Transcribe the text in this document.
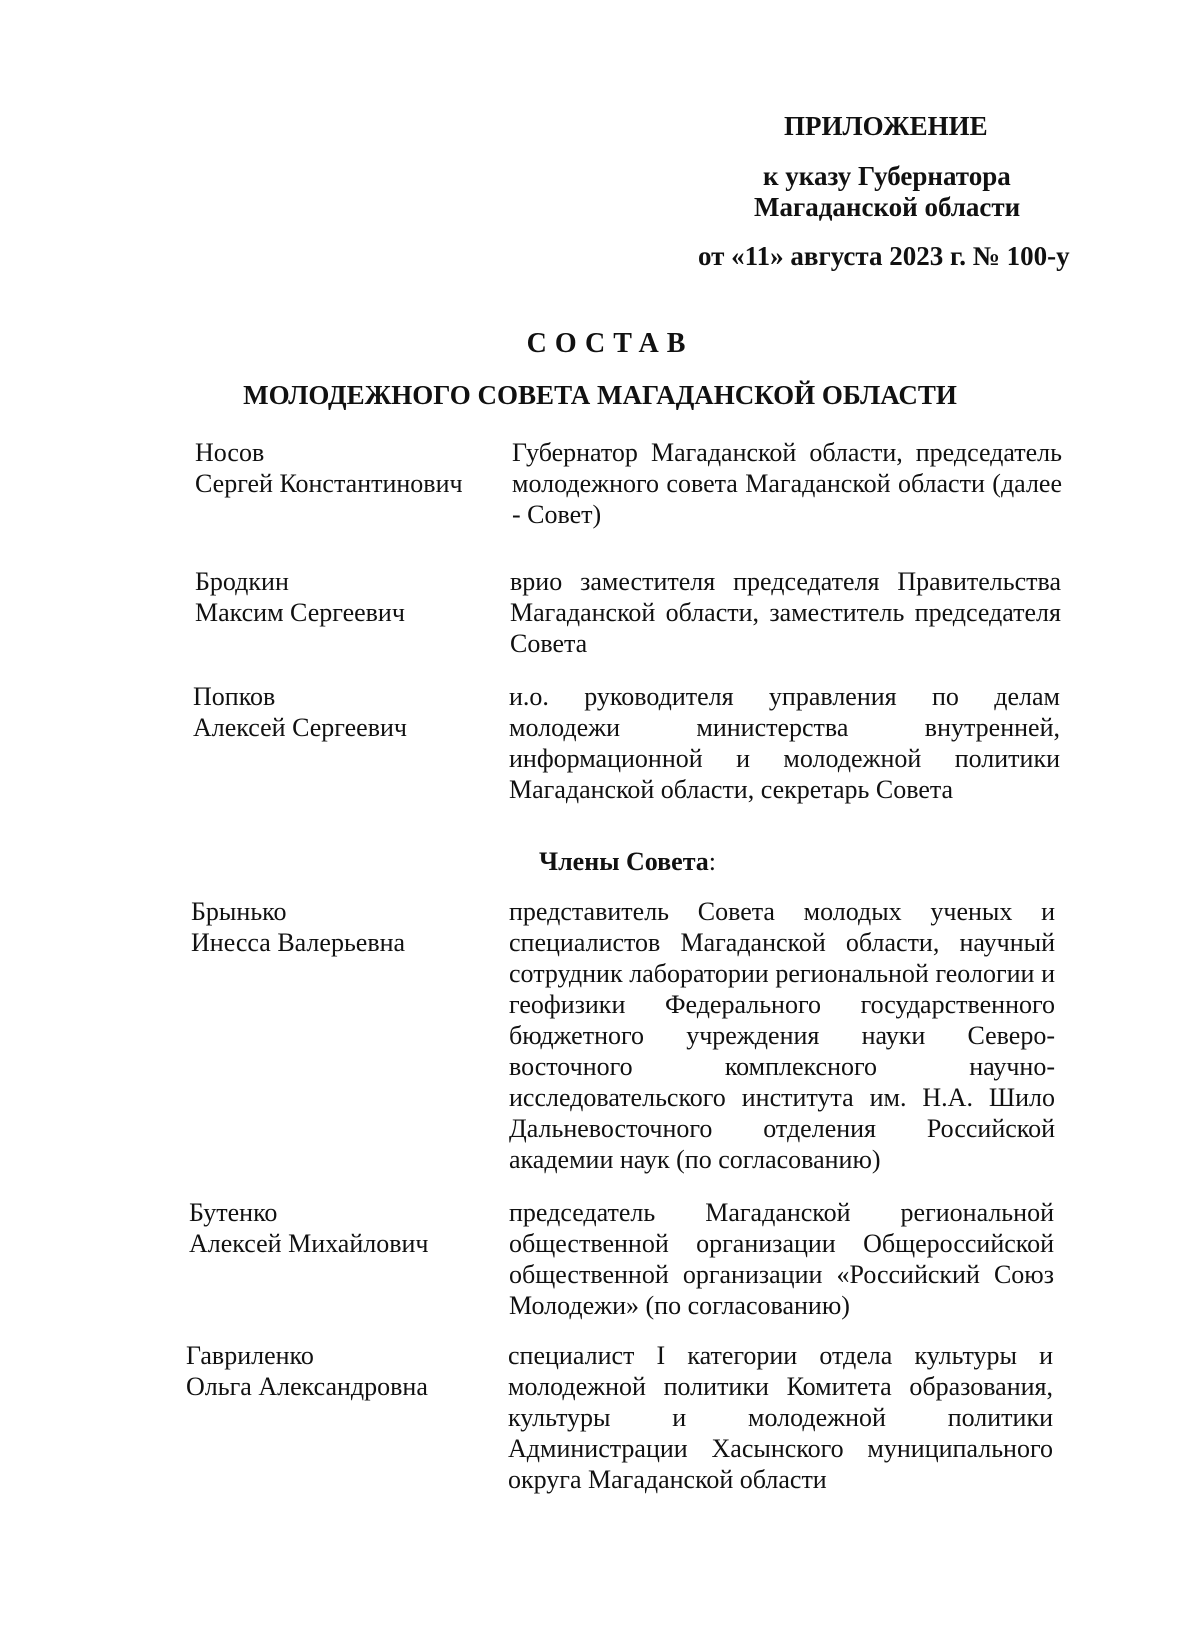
ПРИЛОЖЕНИЕ
к указу Губернатора
Магаданской области
от «11» августа 2023 г. № 100-у
СОСТАВ
МОЛОДЕЖНОГО СОВЕТА МАГАДАНСКОЙ ОБЛАСТИ
Носов
Сергей Константинович
Губернатор Магаданской области, председатель молодежного совета Магаданской области (далее - Совет)
Бродкин
Максим Сергеевич
врио заместителя председателя Правительства Магаданской области, заместитель председателя Совета
Попков
Алексей Сергеевич
и.о. руководителя управления по делам молодежи министерства внутренней, информационной и молодежной политики Магаданской области, секретарь Совета
Члены Совета:
Брынько
Инесса Валерьевна
представитель Совета молодых ученых и специалистов Магаданской области, научный сотрудник лаборатории региональной геологии и геофизики Федерального государственного бюджетного учреждения науки Северо-восточного комплексного научно-исследовательского института им. Н.А. Шило Дальневосточного отделения Российской академии наук (по согласованию)
Бутенко
Алексей Михайлович
председатель Магаданской региональной общественной организации Общероссийской общественной организации «Российский Союз Молодежи» (по согласованию)
Гавриленко
Ольга Александровна
специалист I категории отдела культуры и молодежной политики Комитета образования, культуры и молодежной политики Администрации Хасынского муниципального округа Магаданской области
